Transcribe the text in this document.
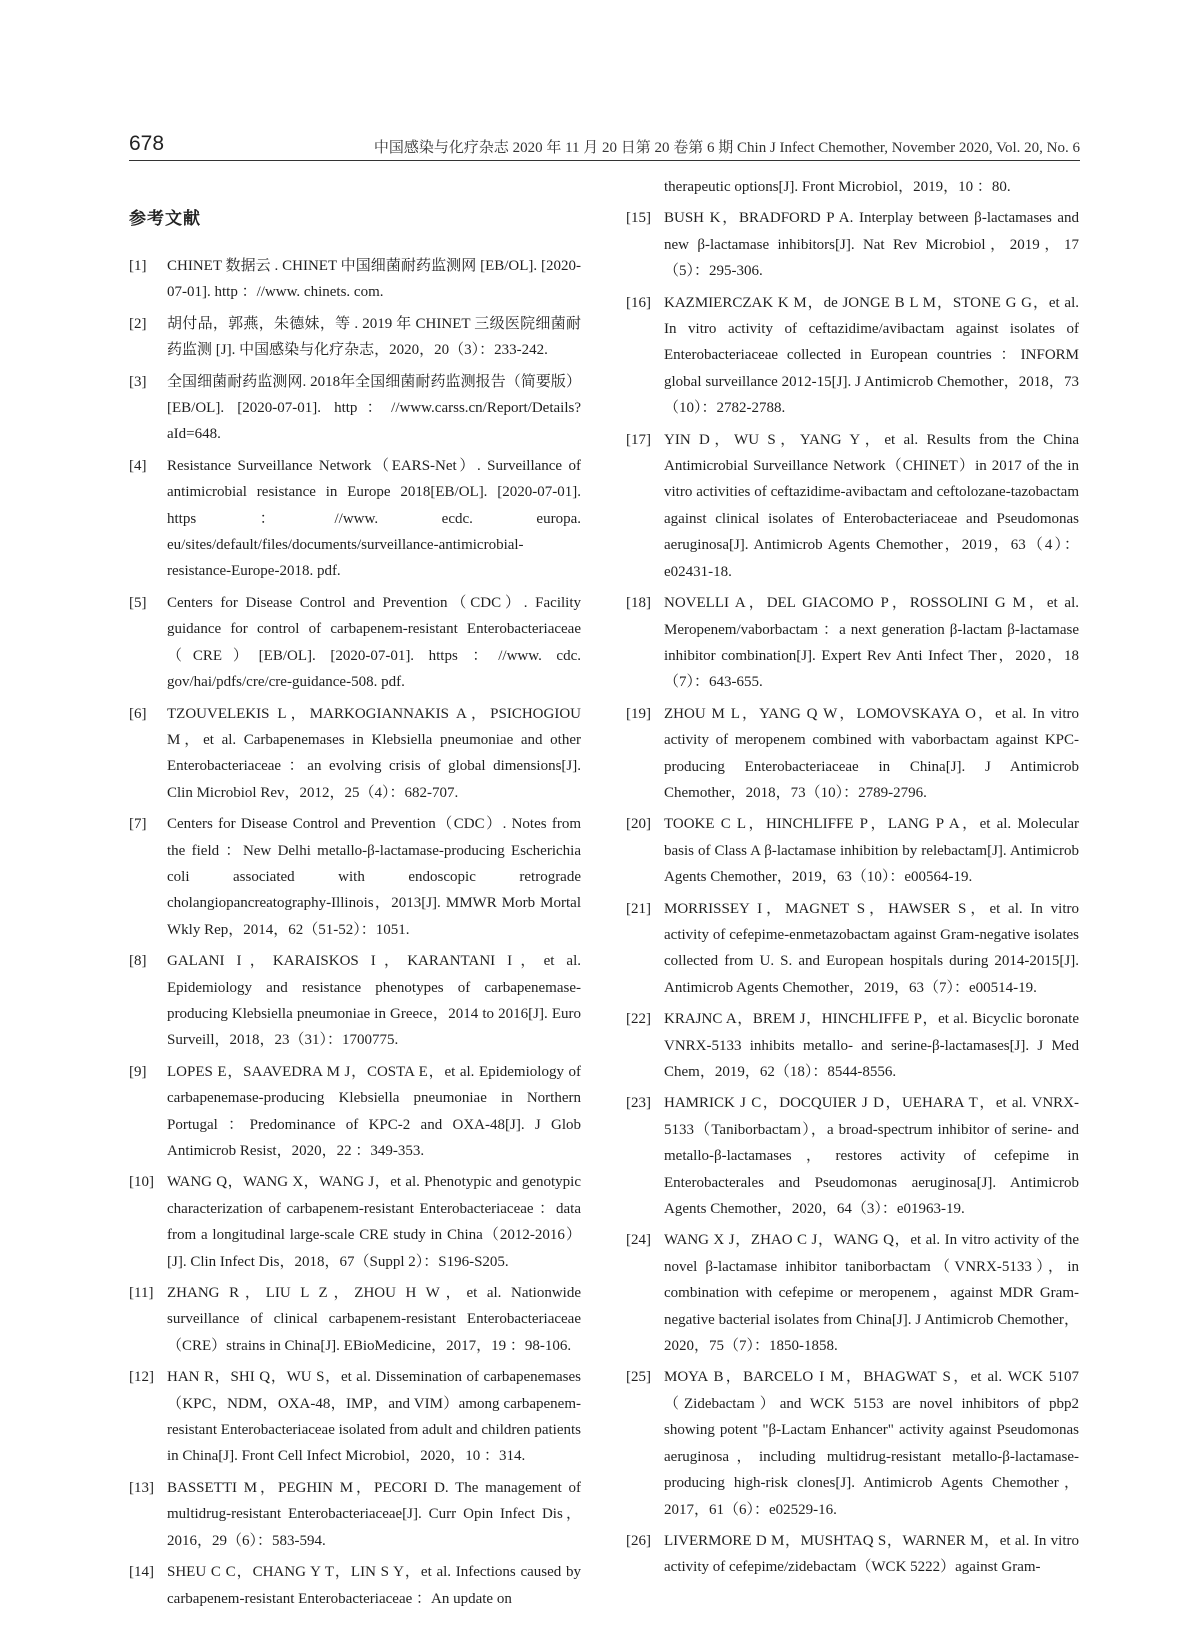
678	中国感染与化疗杂志 2020 年 11 月 20 日第 20 卷第 6 期 Chin J Infect Chemother, November 2020, Vol. 20, No. 6
参考文献
[1]	CHINET 数据云 . CHINET 中国细菌耐药监测网 [EB/OL]. [2020-07-01]. http ：//www. chinets. com.
[2]	胡付品，郭燕，朱德妹，等 . 2019 年 CHINET 三级医院细菌耐药监测 [J]. 中国感染与化疗杂志，2020，20（3）：233-242.
[3]	全国细菌耐药监测网. 2018年全国细菌耐药监测报告（简要版）[EB/OL]. [2020-07-01]. http：//www.carss.cn/Report/Details?aId=648.
[4]	Resistance Surveillance Network（EARS-Net）. Surveillance of antimicrobial resistance in Europe 2018[EB/OL]. [2020-07-01]. https ：//www. ecdc. europa. eu/sites/default/files/documents/surveillance-antimicrobial-resistance-Europe-2018. pdf.
[5]	Centers for Disease Control and Prevention（CDC）. Facility guidance for control of carbapenem-resistant Enterobacteriaceae（CRE）[EB/OL]. [2020-07-01]. https ：//www. cdc. gov/hai/pdfs/cre/cre-guidance-508. pdf.
[6]	TZOUVELEKIS L，MARKOGIANNAKIS A，PSICHOGIOU M，et al. Carbapenemases in Klebsiella pneumoniae and other Enterobacteriaceae ：an evolving crisis of global dimensions[J]. Clin Microbiol Rev，2012，25（4）：682-707.
[7]	Centers for Disease Control and Prevention（CDC）. Notes from the field ：New Delhi metallo-β-lactamase-producing Escherichia coli associated with endoscopic retrograde cholangiopancreatography-Illinois，2013[J]. MMWR Morb Mortal Wkly Rep，2014，62（51-52）：1051.
[8]	GALANI I，KARAISKOS I，KARANTANI I，et al. Epidemiology and resistance phenotypes of carbapenemase-producing Klebsiella pneumoniae in Greece，2014 to 2016[J]. Euro Surveill，2018，23（31）：1700775.
[9]	LOPES E，SAAVEDRA M J，COSTA E，et al. Epidemiology of carbapenemase-producing Klebsiella pneumoniae in Northern Portugal ：Predominance of KPC-2 and OXA-48[J]. J Glob Antimicrob Resist，2020，22 ：349-353.
[10] WANG Q，WANG X，WANG J，et al. Phenotypic and genotypic characterization of carbapenem-resistant Enterobacteriaceae ：data from a longitudinal large-scale CRE study in China（2012-2016）[J]. Clin Infect Dis，2018，67（Suppl 2）：S196-S205.
[11] ZHANG R，LIU L Z，ZHOU H W，et al. Nationwide surveillance of clinical carbapenem-resistant Enterobacteriaceae（CRE）strains in China[J]. EBioMedicine，2017，19 ：98-106.
[12] HAN R，SHI Q，WU S，et al. Dissemination of carbapenemases（KPC，NDM，OXA-48，IMP，and VIM）among carbapenem-resistant Enterobacteriaceae isolated from adult and children patients in China[J]. Front Cell Infect Microbiol，2020，10 ：314.
[13] BASSETTI M，PEGHIN M，PECORI D. The management of multidrug-resistant Enterobacteriaceae[J]. Curr Opin Infect Dis，2016，29（6）：583-594.
[14] SHEU C C，CHANG Y T，LIN S Y，et al. Infections caused by carbapenem-resistant Enterobacteriaceae ：An update on
therapeutic options[J]. Front Microbiol，2019，10 ：80.
[15] BUSH K，BRADFORD P A. Interplay between β-lactamases and new β-lactamase inhibitors[J]. Nat Rev Microbiol，2019，17（5）：295-306.
[16] KAZMIERCZAK K M，de JONGE B L M，STONE G G，et al. In vitro activity of ceftazidime/avibactam against isolates of Enterobacteriaceae collected in European countries ：INFORM global surveillance 2012-15[J]. J Antimicrob Chemother，2018，73（10）：2782-2788.
[17] YIN D，WU S，YANG Y，et al. Results from the China Antimicrobial Surveillance Network（CHINET）in 2017 of the in vitro activities of ceftazidime-avibactam and ceftolozane-tazobactam against clinical isolates of Enterobacteriaceae and Pseudomonas aeruginosa[J]. Antimicrob Agents Chemother，2019，63（4）：e02431-18.
[18] NOVELLI A，DEL GIACOMO P，ROSSOLINI G M，et al. Meropenem/vaborbactam ：a next generation β-lactam β-lactamase inhibitor combination[J]. Expert Rev Anti Infect Ther，2020，18（7）：643-655.
[19] ZHOU M L，YANG Q W，LOMOVSKAYA O，et al. In vitro activity of meropenem combined with vaborbactam against KPC-producing Enterobacteriaceae in China[J]. J Antimicrob Chemother，2018，73（10）：2789-2796.
[20] TOOKE C L，HINCHLIFFE P，LANG P A，et al. Molecular basis of Class A β-lactamase inhibition by relebactam[J]. Antimicrob Agents Chemother，2019，63（10）：e00564-19.
[21] MORRISSEY I，MAGNET S，HAWSER S，et al. In vitro activity of cefepime-enmetazobactam against Gram-negative isolates collected from U. S. and European hospitals during 2014-2015[J]. Antimicrob Agents Chemother，2019，63（7）：e00514-19.
[22] KRAJNC A，BREM J，HINCHLIFFE P，et al. Bicyclic boronate VNRX-5133 inhibits metallo- and serine-β-lactamases[J]. J Med Chem，2019，62（18）：8544-8556.
[23] HAMRICK J C，DOCQUIER J D，UEHARA T，et al. VNRX-5133（Taniborbactam），a broad-spectrum inhibitor of serine- and metallo-β-lactamases，restores activity of cefepime in Enterobacterales and Pseudomonas aeruginosa[J]. Antimicrob Agents Chemother，2020，64（3）：e01963-19.
[24] WANG X J，ZHAO C J，WANG Q，et al. In vitro activity of the novel β-lactamase inhibitor taniborbactam（VNRX-5133），in combination with cefepime or meropenem，against MDR Gram-negative bacterial isolates from China[J]. J Antimicrob Chemother，2020，75（7）：1850-1858.
[25] MOYA B，BARCELO I M，BHAGWAT S，et al. WCK 5107（Zidebactam）and WCK 5153 are novel inhibitors of pbp2 showing potent "β-Lactam Enhancer" activity against Pseudomonas aeruginosa，including multidrug-resistant metallo-β-lactamase-producing high-risk clones[J]. Antimicrob Agents Chemother，2017，61（6）：e02529-16.
[26] LIVERMORE D M，MUSHTAQ S，WARNER M，et al. In vitro activity of cefepime/zidebactam（WCK 5222）against Gram-
